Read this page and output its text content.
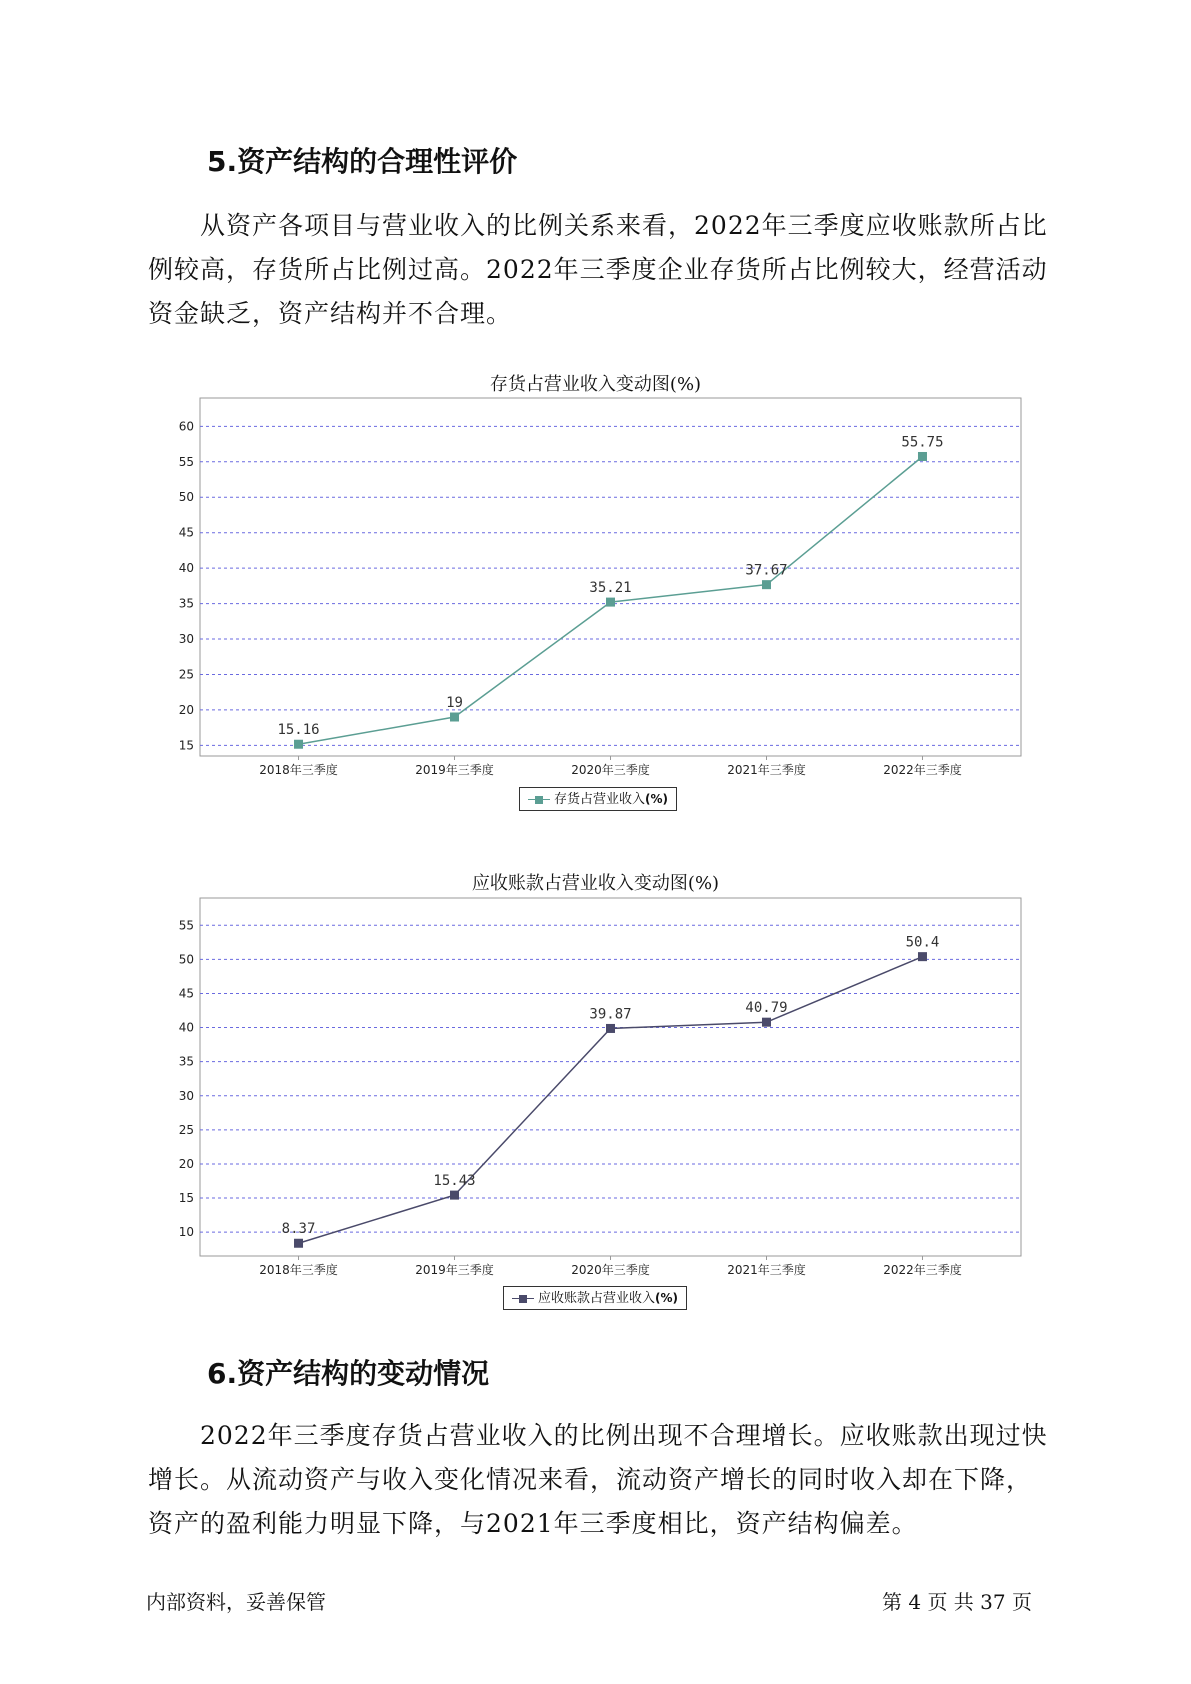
5.资产结构的合理性评价

从资产各项目与营业收入的比例关系来看，2022年三季度应收账款所占比例较高，存货所占比例过高。2022年三季度企业存货所占比例较大，经营活动资金缺乏，资产结构并不合理。

存货占营业收入变动图(%)
15
20
25
30
35
40
45
50
55
60
2018年三季度	2019年三季度	2020年三季度	2021年三季度	2022年三季度
15.16
19
35.21
37.67
55.75
存货占营业收入(%)
应收账款占营业收入变动图(%)
10
15
20
25
30
35
40
45
50
55
2018年三季度	2019年三季度	2020年三季度	2021年三季度	2022年三季度
8.37
15.43
39.87	40.79
50.4
应收账款占营业收入(%)
6.资产结构的变动情况

2022年三季度存货占营业收入的比例出现不合理增长。应收账款出现过快增长。从流动资产与收入变化情况来看，流动资产增长的同时收入却在下降，资产的盈利能力明显下降，与2021年三季度相比，资产结构偏差。

内部资料，妥善保管	第 4 页 共 37 页
